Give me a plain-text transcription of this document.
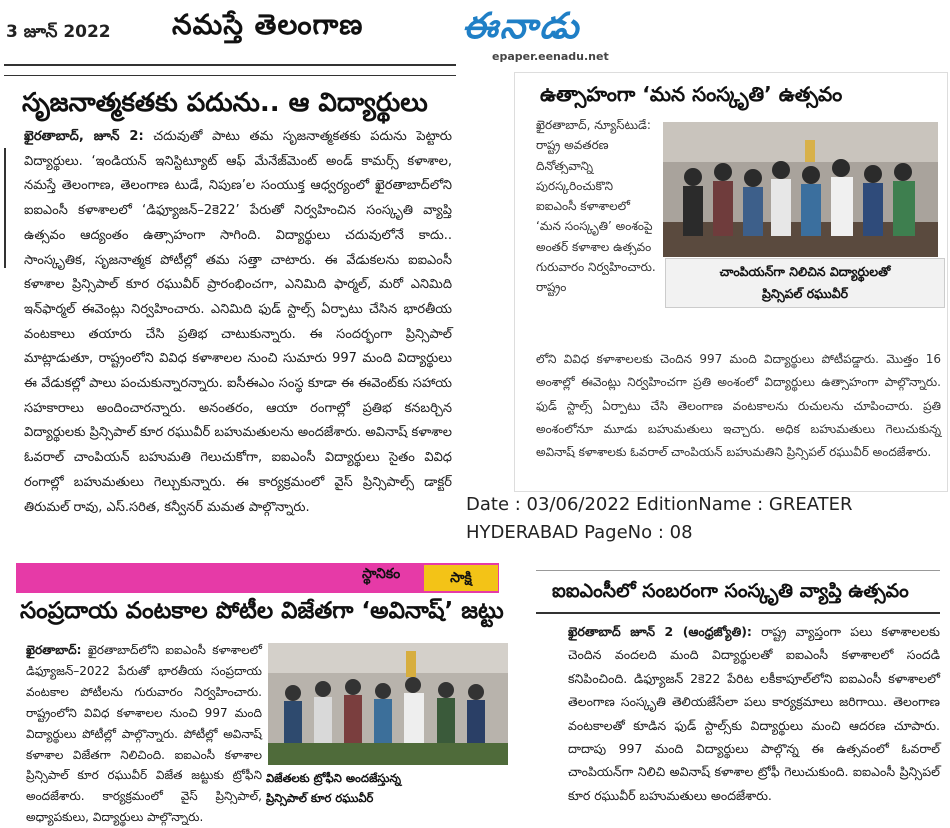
3 జూన్ 2022 నమస్తే తెలంగాణ	ఈనాడు
epaper.eenadu.net
సృజనాత్మకతకు పదును.. ఆ విద్యార్థులు
ఖైరతాబాద్, జూన్ 2: చదువుతో పాటు తమ సృజనాత్మకతకు పదును పెట్టారు విద్యార్థులు. ‘ఇండియన్ ఇనిస్టిట్యూట్ ఆఫ్ మేనేజ్‌మెంట్ అండ్ కామర్స్ కళాశాల, నమస్తే తెలంగాణ, తెలంగాణ టుడే, నిపుణ’ల సంయుక్త ఆధ్వర్యంలో ఖైరతాబాద్‌లోని ఐఐఎంసీ కళాశాలలో ‘డిఫ్యూజన్–2కె22’ పేరుతో నిర్వహించిన సంస్కృతి వ్యాప్తి ఉత్సవం ఆద్యంతం ఉత్సాహంగా సాగింది. విద్యార్థులు చదువులోనే కాదు.. సాంస్కృతిక, సృజనాత్మక పోటీల్లో తమ సత్తా చాటారు. ఈ వేడుకలను ఐఐఎంసీ కళాశాల ప్రిన్సిపాల్ కూర రఘువీర్ ప్రారంభించగా, ఎనిమిది ఫార్మల్, మరో ఎనిమిది ఇన్‌ఫార్మల్ ఈవెంట్లు నిర్వహించారు. ఎనిమిది ఫుడ్ స్టాల్స్ ఏర్పాటు చేసిన భారతీయ వంటకాలు తయారు చేసి ప్రతిభ చాటుకున్నారు. ఈ సందర్భంగా ప్రిన్సిపాల్ మాట్లాడుతూ, రాష్ట్రంలోని వివిధ కళాశాలల నుంచి సుమారు 997 మంది విద్యార్థులు ఈ వేడుకల్లో పాలు పంచుకున్నారన్నారు. ఐసీఈఎం సంస్థ కూడా ఈ ఈవెంట్‌కు సహాయ సహకారాలు అందించారన్నారు. అనంతరం, ఆయా రంగాల్లో ప్రతిభ కనబర్చిన విద్యార్థులకు ప్రిన్సిపాల్ కూర రఘువీర్ బహుమతులను అందజేశారు. అవినాష్ కళాశాల ఓవరాల్ చాంపియన్ బహుమతి గెలుచుకోగా, ఐఐఎంసీ విద్యార్థులు సైతం వివిధ రంగాల్లో బహుమతులు గెల్చుకున్నారు. ఈ కార్యక్రమంలో వైస్ ప్రిన్సిపాల్స్ డాక్టర్ తిరుమల్ రావు, ఎస్.సరిత, కన్వీనర్ మమత పాల్గొన్నారు.
ఉత్సాహంగా ‘మన సంస్కృతి’ ఉత్సవం
ఖైరతాబాద్, న్యూస్‌టుడే: రాష్ట్ర అవతరణ దినోత్సవాన్ని పురస్కరించుకొని ఐఐఎంసీ కళాశాలలో ‘మన సంస్కృతి’ అంశంపై అంతర్ కళాశాల ఉత్సవం గురువారం నిర్వహించారు. రాష్ట్రం
చాంపియన్‌గా నిలిచిన విద్యార్థులతో
ప్రిన్సిపల్ రఘువీర్
లోని వివిధ కళాశాలలకు చెందిన 997 మంది విద్యార్థులు పోటీపడ్డారు. మొత్తం 16 అంశాల్లో ఈవెంట్లు నిర్వహించగా ప్రతి అంశంలో విద్యార్థులు ఉత్సాహంగా పాల్గొన్నారు. ఫుడ్ స్టాల్స్ ఏర్పాటు చేసి తెలంగాణ వంటకాలను రుచులను చూపించారు. ప్రతి అంశంలోనూ మూడు బహుమతులు ఇచ్చారు. అధిక బహుమతులు గెలుచుకున్న అవినాష్ కళాశాలకు ఓవరాల్ చాంపియన్ బహుమతిని ప్రిన్సిపల్ రఘువీర్ అందజేశారు.
Date : 03/06/2022 EditionName : GREATER
HYDERABAD PageNo : 08
స్థానికం	సాక్షి
సంప్రదాయ వంటకాల పోటీల విజేతగా ‘అవినాష్’ జట్టు
ఖైరతాబాద్: ఖైరతాబాద్‌లోని ఐఐఎంసీ కళాశాలలో డిఫ్యూజన్–2022 పేరుతో భారతీయ సంప్రదాయ వంటకాల పోటీలను గురువారం నిర్వహించారు. రాష్ట్రంలోని వివిధ కళాశాలల నుంచి 997 మంది విద్యార్థులు పోటీల్లో పాల్గొన్నారు. పోటీల్లో అవినాష్ కళాశాల విజేతగా నిలిచింది. ఐఐఎంసీ కళాశాల ప్రిన్సిపాల్ కూర రఘువీర్ విజేత జట్టుకు ట్రోఫీని అందజేశారు. కార్యక్రమంలో వైస్ ప్రిన్సిపాల్, అధ్యాపకులు, విద్యార్థులు పాల్గొన్నారు.
విజేతలకు ట్రోఫీని అందజేస్తున్న
ప్రిన్సిపాల్ కూర రఘువీర్
ఐఐఎంసీలో సంబరంగా సంస్కృతి వ్యాప్తి ఉత్సవం
ఖైరతాబాద్ జూన్ 2 (ఆంధ్రజ్యోతి): రాష్ట్ర వ్యాప్తంగా పలు కళాశాలలకు చెందిన వందలది మంది విద్యార్థులతో ఐఐఎంసీ కళాశాలలో సందడి కనిపించింది. డిఫ్యూజన్ 2కె22 పేరిట లకీకాపూల్‌లోని ఐఐఎంసీ కళాశాలలో తెలంగాణ సంస్కృతి తెలియజేసేలా పలు కార్యక్రమాలు జరిగాయి. తెలంగాణ వంటకాలతో కూడిన ఫుడ్ స్టాల్స్‌కు విద్యార్థులు మంచి ఆదరణ చూపారు. దాదాపు 997 మంది విద్యార్థులు పాల్గొన్న ఈ ఉత్సవంలో ఓవరాల్ చాంపియన్‌గా నిలిచి అవినాష్ కళాశాల ట్రోఫీ గెలుచుకుంది. ఐఐఎంసీ ప్రిన్సిపల్ కూర రఘువీర్ బహుమతులు అందజేశారు.
